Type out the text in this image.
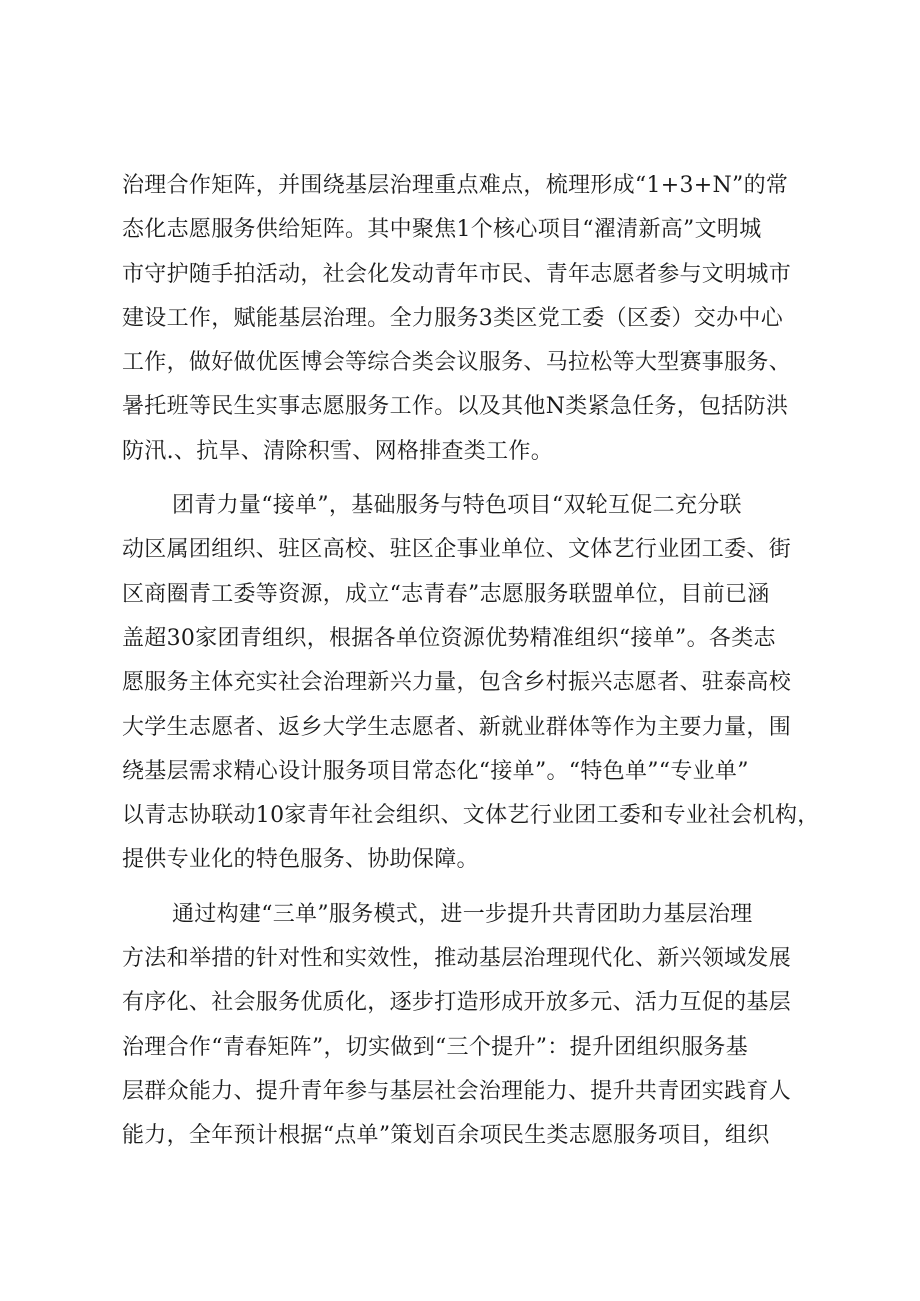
治理合作矩阵，并围绕基层治理重点难点，梳理形成“1+3+N”的常
态化志愿服务供给矩阵。其中聚焦1个核心项目“濯清新高”文明城
市守护随手拍活动，社会化发动青年市民、青年志愿者参与文明城市
建设工作，赋能基层治理。全力服务3类区党工委（区委）交办中心
工作，做好做优医博会等综合类会议服务、马拉松等大型赛事服务、
暑托班等民生实事志愿服务工作。以及其他N类紧急任务，包括防洪
防汛.、抗旱、清除积雪、网格排查类工作。
团青力量“接单”，基础服务与特色项目“双轮互促二充分联
动区属团组织、驻区高校、驻区企事业单位、文体艺行业团工委、街
区商圈青工委等资源，成立“志青春”志愿服务联盟单位，目前已涵
盖超30家团青组织，根据各单位资源优势精准组织“接单”。各类志
愿服务主体充实社会治理新兴力量，包含乡村振兴志愿者、驻泰高校
大学生志愿者、返乡大学生志愿者、新就业群体等作为主要力量，围
绕基层需求精心设计服务项目常态化“接单”。“特色单”“专业单”
以青志协联动10家青年社会组织、文体艺行业团工委和专业社会机构，
提供专业化的特色服务、协助保障。
通过构建“三单”服务模式，进一步提升共青团助力基层治理
方法和举措的针对性和实效性，推动基层治理现代化、新兴领域发展
有序化、社会服务优质化，逐步打造形成开放多元、活力互促的基层
治理合作“青春矩阵”，切实做到“三个提升”：提升团组织服务基
层群众能力、提升青年参与基层社会治理能力、提升共青团实践育人
能力，全年预计根据“点单”策划百余项民生类志愿服务项目，组织
